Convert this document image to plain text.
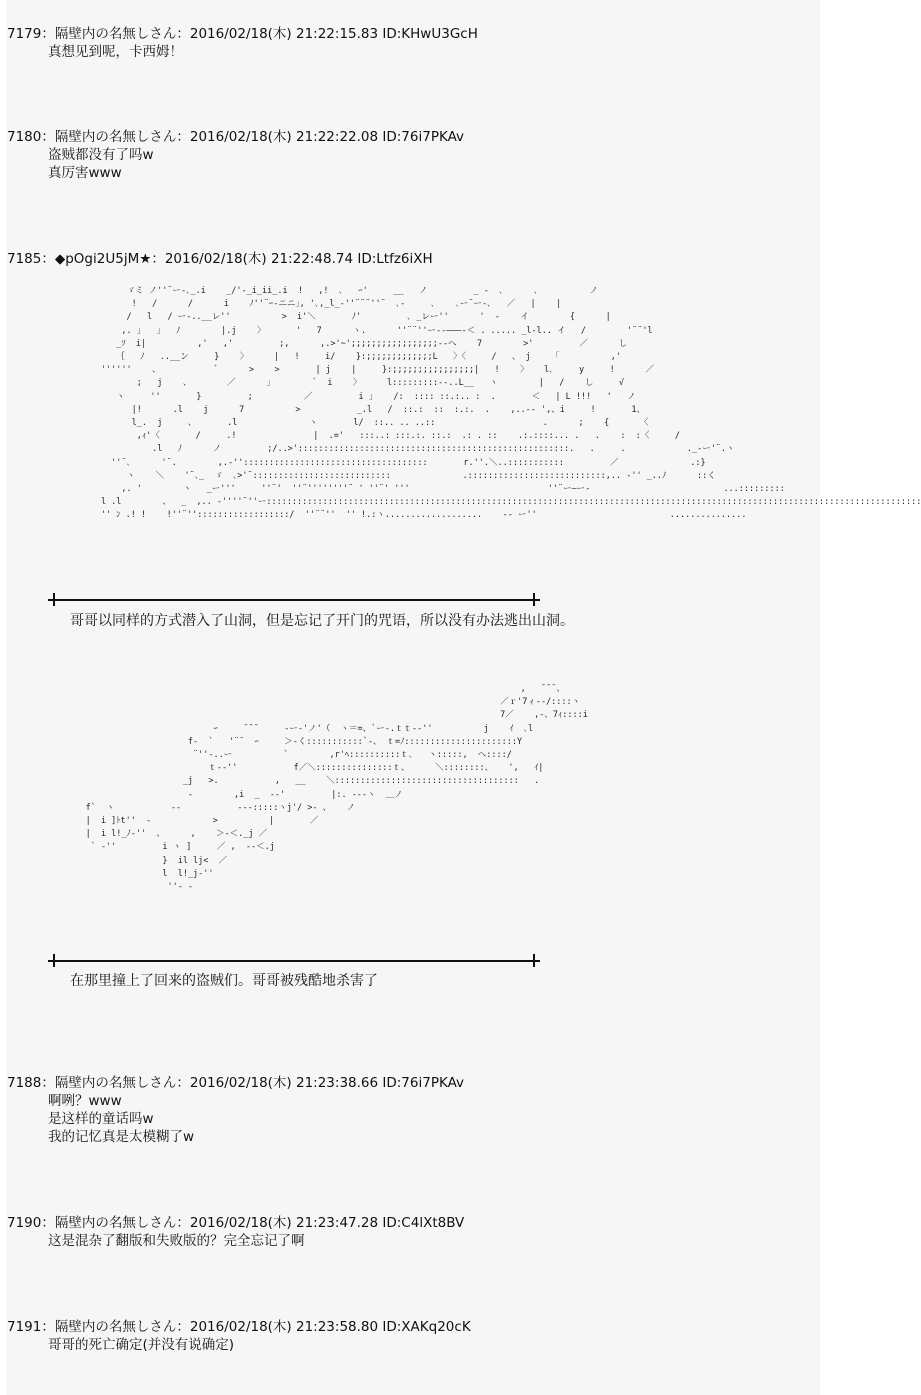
7179：隔壁内の名無しさん：2016/02/18(木) 21:22:15.83 ID:KHwU3GcH
真想见到呢，卡西姆！
7180：隔壁内の名無しさん：2016/02/18(木) 21:22:22.08 ID:76i7PKAv
盗贼都没有了吗w
真厉害www
7185：◆pOgi2U5jM★：2016/02/18(木) 21:22:48.74 ID:Ltfz6iXH
ゞミ ノ''¨ー-､_.i    _/'-_i_ii_.i  !   ,!  ､   ｰ'     __   ノ         _ -  ､
!   /      /      i    ﾉ''¨ｰ-ニニ｣, '､,_l_-''¨¨¨''¨  ､-     ､    ､ー¨ー-､   ／
/   l   / ー-..__レ''          >  i'＼       ﾉ'         ､ _レー''      '  -    イ
,. ｣   ｣   ﾉ        |.j    〉      '   7      ヽ.      ''¨¨''ー--―――-＜ . .....
_ｿ  i|          ,'   ,'         ;,      ,.>'~';;;;;;;;;;;;;;;;;--ヘ    7        >'
｛   ﾉ   ..__ン     }    〉     |   !     i/    }:;;;;;;;;;;;;;L   〉〈     /   、 j
''''''    、           ﾞ      >    >       | j    |     }:;;;;;;;;;;;;;;;;|   !    〉
;   j    、       ／      」        ﾞ  i    〉     l:::::::::--..L__   ヽ
ヽ     ''       }         ;          ／         i ｣    /:  :::: ::.:.. :  .
|!      .l    j      7          >           _.l   /  ::.:  ::  :.:.  .    ,..--
l_.  j     、      .l              ヽ       l/  ::.. .. ..::
,ｨ'〈       /     .!               |  .='   :::..: :::.:. ::.:  .: . ::
.l   ﾉ      ノ         ;/..>':::::::::::::::::::::::::::::::::::::::::::::::::::::.
''¨､      '¨.        ,.-''::::::::::::::::::::::::::::::::::::       r.''.＼..:::::::::::
ヽ    ＼    '¨､_  ゞ  ､>'¨:::::::::::::::::::::::::::
,. '        ヽ   _ー'''     ''¨'  ''¨''''''''¨ ' ''¨' '''
l .l        、  _  ,..
'' ﾝ .! !    !''¨''::::::::::::::::::/  ''¨¨''  '' !.:ヽ...................    -- ー''
哥哥以同样的方式潜入了山洞，但是忘记了开门的咒语，所以没有办法逃出山洞。
,

7／
ｰ     ̄ ̄ ̄      ‐ー‐'ノ'（  ヽ＝=、`ー-.ｔｔ-‐''          j    ｲ  ､l
f-  `   '¨¨  ｰ     ＞-く:::::::::::`-、 ｔ=ﾉ::::::::::::::::::::::Y
¨''-..ー          `        ,r'ﾍ::::::::::ｔ､   ヽ:::::,  へ::::/
ｔ-‐''           f／＼:::::::::::::::ｔ、     ＼::::::::、   ',
_j   >.           ,   __    ＼::::::::::::::::::::::::::::::::::::
-        ,i  _  -‐'         |:. ---ヽ  ＿ノ
f`  ヽ           ‐-           ‐‐-:::::ヽj'/ >- 、   ノ
|  i ]ﾄt''  -            >          |       ／
|  i l!_ﾉ-''  、     ,    ＞-＜._j ／
` -''         i ヽ ]     ／ ,  ‐‐＜.j
}  il lj<  ／
l  l!_j-''
''- -
在那里撞上了回来的盗贼们。哥哥被残酷地杀害了
7188：隔壁内の名無しさん：2016/02/18(木) 21:23:38.66 ID:76i7PKAv
啊咧？www
是这样的童话吗w
我的记忆真是太模糊了w
7190：隔壁内の名無しさん：2016/02/18(木) 21:23:47.28 ID:C4lXt8BV
这是混杂了翻版和失败版的？完全忘记了啊
7191：隔壁内の名無しさん：2016/02/18(木) 21:23:58.80 ID:XAKq20cK
哥哥的死亡确定(并没有说确定)
